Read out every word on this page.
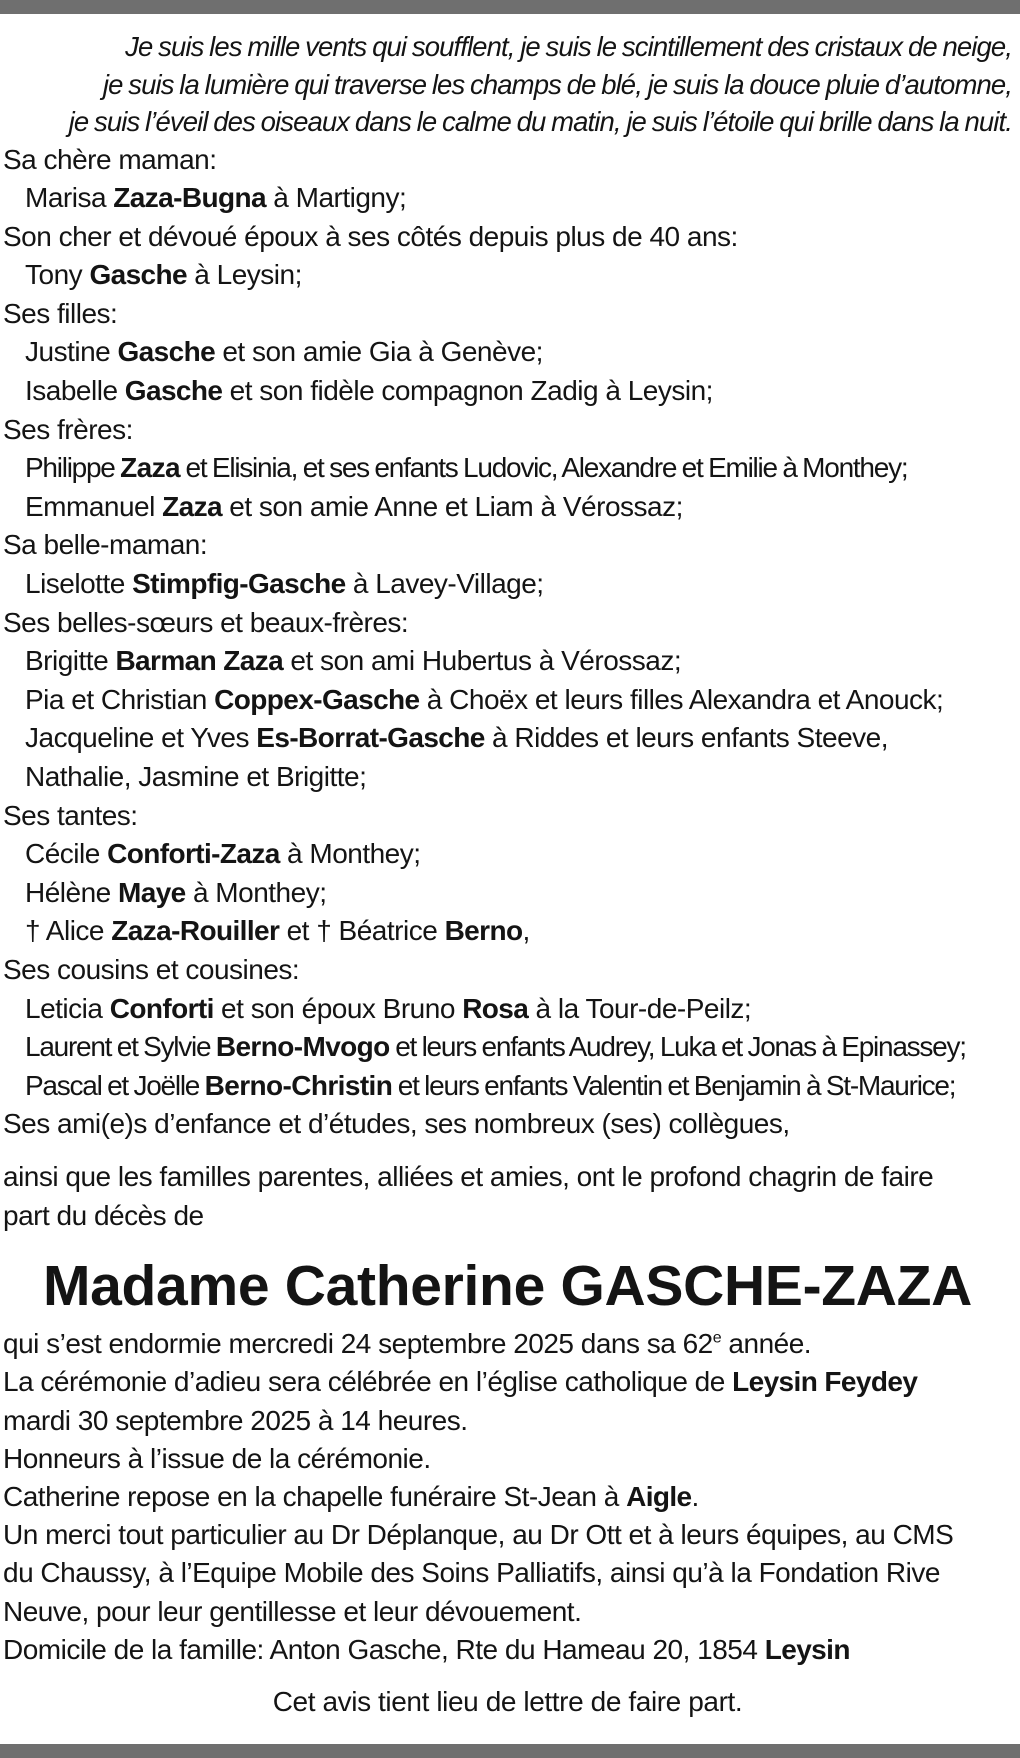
Je suis les mille vents qui soufflent, je suis le scintillement des cristaux de neige,
je suis la lumière qui traverse les champs de blé, je suis la douce pluie d’automne,
je suis l’éveil des oiseaux dans le calme du matin, je suis l’étoile qui brille dans la nuit.
Sa chère maman:
Marisa Zaza-Bugna à Martigny;
Son cher et dévoué époux à ses côtés depuis plus de 40 ans:
Tony Gasche à Leysin;
Ses filles:
Justine Gasche et son amie Gia à Genève;
Isabelle Gasche et son fidèle compagnon Zadig à Leysin;
Ses frères:
Philippe Zaza et Elisinia, et ses enfants Ludovic, Alexandre et Emilie à Monthey;
Emmanuel Zaza et son amie Anne et Liam à Vérossaz;
Sa belle-maman:
Liselotte Stimpfig-Gasche à Lavey-Village;
Ses belles-sœurs et beaux-frères:
Brigitte Barman Zaza et son ami Hubertus à Vérossaz;
Pia et Christian Coppex-Gasche à Choëx et leurs filles Alexandra et Anouck;
Jacqueline et Yves Es-Borrat-Gasche à Riddes et leurs enfants Steeve,
Nathalie, Jasmine et Brigitte;
Ses tantes:
Cécile Conforti-Zaza à Monthey;
Hélène Maye à Monthey;
† Alice Zaza-Rouiller et † Béatrice Berno,
Ses cousins et cousines:
Leticia Conforti et son époux Bruno Rosa à la Tour-de-Peilz;
Laurent et Sylvie Berno-Mvogo et leurs enfants Audrey, Luka et Jonas à Epinassey;
Pascal et Joëlle Berno-Christin et leurs enfants Valentin et Benjamin à St-Maurice;
Ses ami(e)s d’enfance et d’études, ses nombreux (ses) collègues,
ainsi que les familles parentes, alliées et amies, ont le profond chagrin de faire
part du décès de
Madame Catherine GASCHE-ZAZA
qui s’est endormie mercredi 24 septembre 2025 dans sa 62e année.
La cérémonie d’adieu sera célébrée en l’église catholique de Leysin Feydey
mardi 30 septembre 2025 à 14 heures.
Honneurs à l’issue de la cérémonie.
Catherine repose en la chapelle funéraire St-Jean à Aigle.
Un merci tout particulier au Dr Déplanque, au Dr Ott et à leurs équipes, au CMS
du Chaussy, à l’Equipe Mobile des Soins Palliatifs, ainsi qu’à la Fondation Rive
Neuve, pour leur gentillesse et leur dévouement.
Domicile de la famille: Anton Gasche, Rte du Hameau 20, 1854 Leysin
Cet avis tient lieu de lettre de faire part.
